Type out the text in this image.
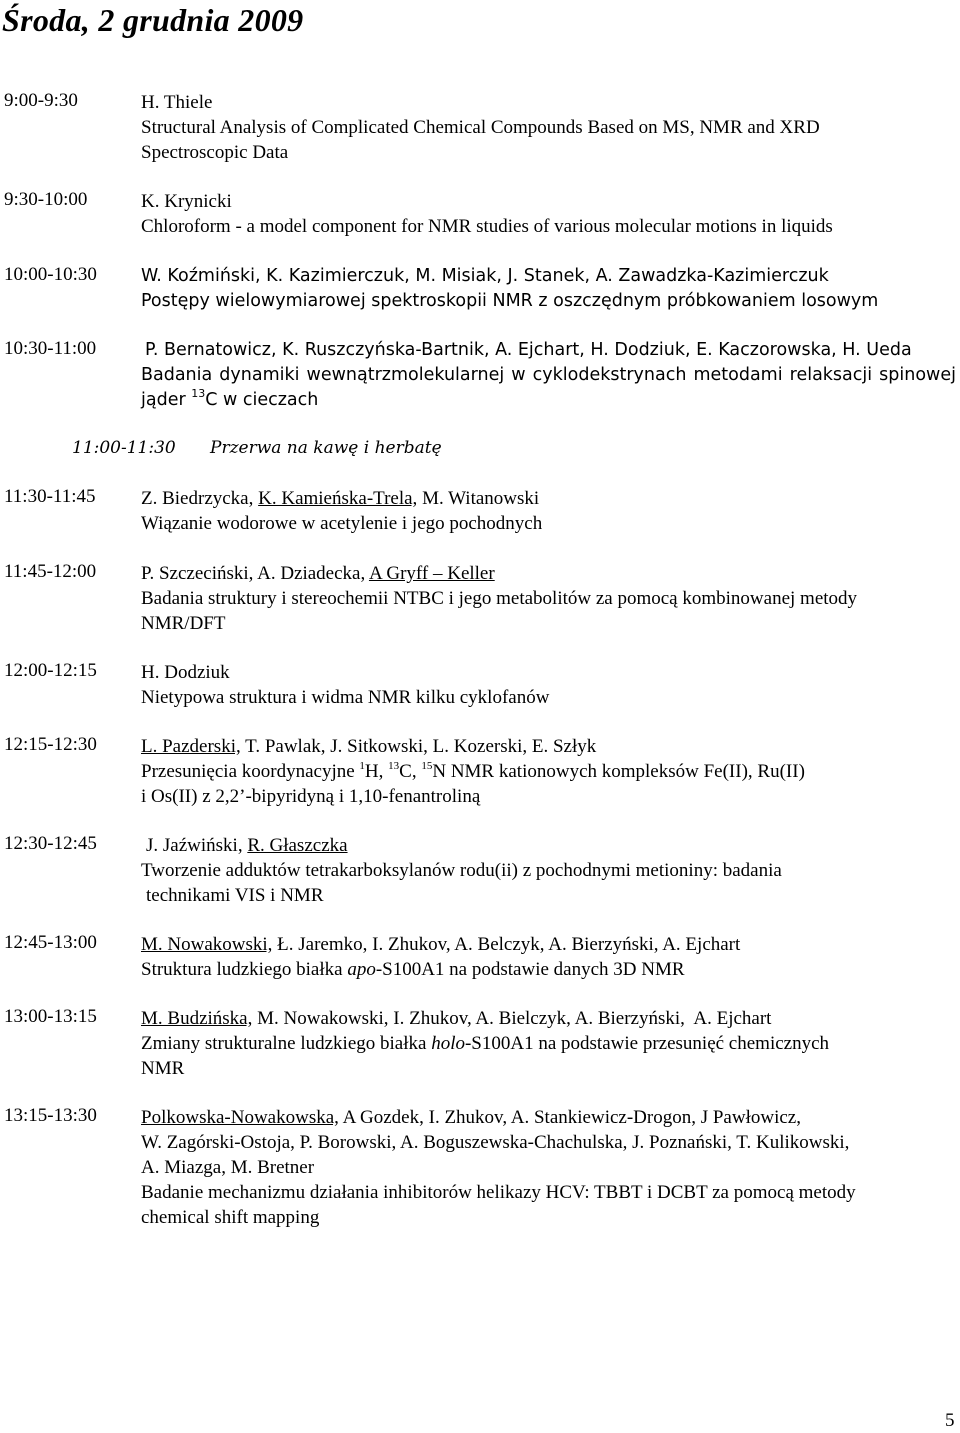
Środa, 2 grudnia 2009
9:00-9:30	H. Thiele
Structural Analysis of Complicated Chemical Compounds Based on MS, NMR and XRD
Spectroscopic Data
9:30-10:00	K. Krynicki
Chloroform - a model component for NMR studies of various molecular motions in liquids
10:00-10:30	W. Koźmiński, K. Kazimierczuk, M. Misiak, J. Stanek, A. Zawadzka-Kazimierczuk
Postępy wielowymiarowej spektroskopii NMR z oszczędnym próbkowaniem losowym
10:30-11:00	P. Bernatowicz, K. Ruszczyńska-Bartnik, A. Ejchart, H. Dodziuk, E. Kaczorowska, H. Ueda
Badania dynamiki wewnątrzmolekularnej w cyklodekstrynach metodami relaksacji spinowej
jąder $^{13}$C w cieczach
11:00-11:30 Przerwa na kawę i herbatę
11:30-11:45 Z. Biedrzycka, K. Kamieńska-Trela, M. Witanowski
Wiązanie wodorowe w acetylenie i jego pochodnych
11:45-12:00 P. Szczeciński, A. Dziadecka, A Gryff – Keller
Badania struktury i stereochemii NTBC i jego metabolitów za pomocą kombinowanej metody
NMR/DFT
12:00-12:15 H. Dodziuk
Nietypowa struktura i widma NMR kilku cyklofanów
12:15-12:30 L. Pazderski, T. Pawlak, J. Sitkowski, L. Kozerski, E. Szłyk
Przesunięcia koordynacyjne $^1$H, $^{13}$C, $^{15}$N NMR kationowych kompleksów Fe(II), Ru(II)
i Os(II) z 2,2’-bipyridyną i 1,10-fenantroliną
12:30-12:45	J. Jaźwiński, R. Głaszczka
Tworzenie adduktów tetrakarboksylanów rodu(ii) z pochodnymi metioniny: badania
technikami VIS i NMR
12:45-13:00 M. Nowakowski, Ł. Jaremko, I. Zhukov, A. Belczyk, A. Bierzyński, A. Ejchart
Struktura ludzkiego białka apo-S100A1 na podstawie danych 3D NMR
13:00-13:15 M. Budzińska, M. Nowakowski, I. Zhukov, A. Bielczyk, A. Bierzyński,  A. Ejchart
Zmiany strukturalne ludzkiego białka holo-S100A1 na podstawie przesunięć chemicznych
NMR
13:15-13:30 Polkowska-Nowakowska, A Gozdek, I. Zhukov, A. Stankiewicz-Drogon, J Pawłowicz,
W. Zagórski-Ostoja, P. Borowski, A. Boguszewska-Chachulska, J. Poznański, T. Kulikowski,
A. Miazga, M. Bretner
Badanie mechanizmu działania inhibitorów helikazy HCV: TBBT i DCBT za pomocą metody
chemical shift mapping
5
